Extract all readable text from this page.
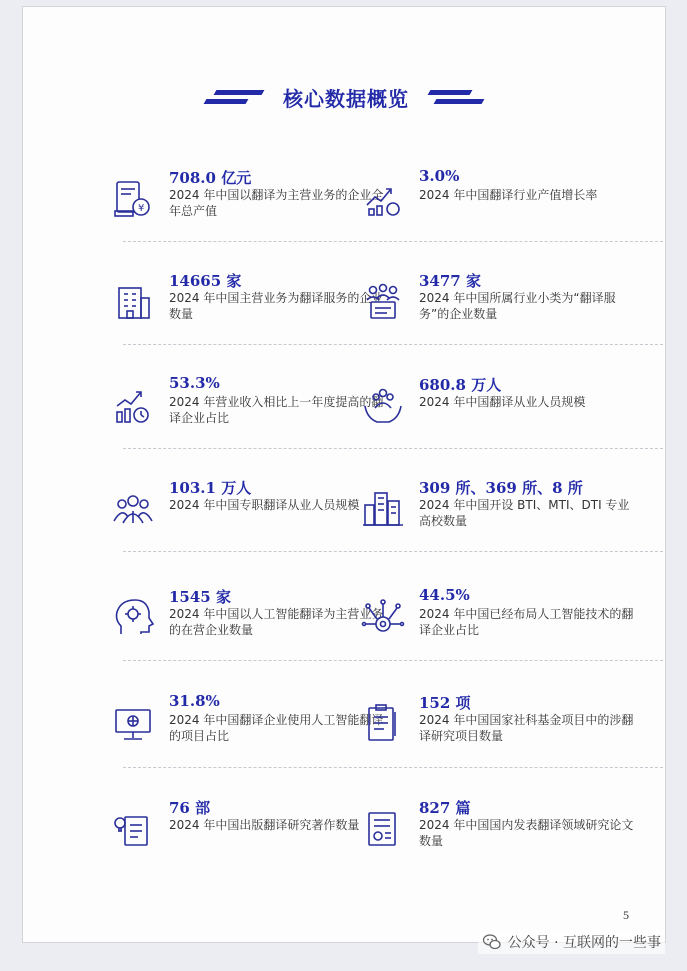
核心数据概览
¥
708.0 亿元
2024 年中国以翻译为主营业务的企业全年总产值
3.0%
2024 年中国翻译行业产值增长率
14665 家
2024 年中国主营业务为翻译服务的企业数量
3477 家
2024 年中国所属行业小类为“翻译服务”的企业数量
53.3%
2024 年营业收入相比上一年度提高的翻译企业占比
680.8 万人
2024 年中国翻译从业人员规模
103.1 万人
2024 年中国专职翻译从业人员规模
309 所、369 所、8 所
2024 年中国开设 BTI、MTI、DTI 专业高校数量
1545 家
2024 年中国以人工智能翻译为主营业务的在营企业数量
44.5%
2024 年中国已经布局人工智能技术的翻译企业占比
31.8%
2024 年中国翻译企业使用人工智能翻译的项目占比
152 项
2024 年中国国家社科基金项目中的涉翻译研究项目数量
76 部
2024 年中国出版翻译研究著作数量
827 篇
2024 年中国国内发表翻译领域研究论文数量
5
公众号 · 互联网的一些事
